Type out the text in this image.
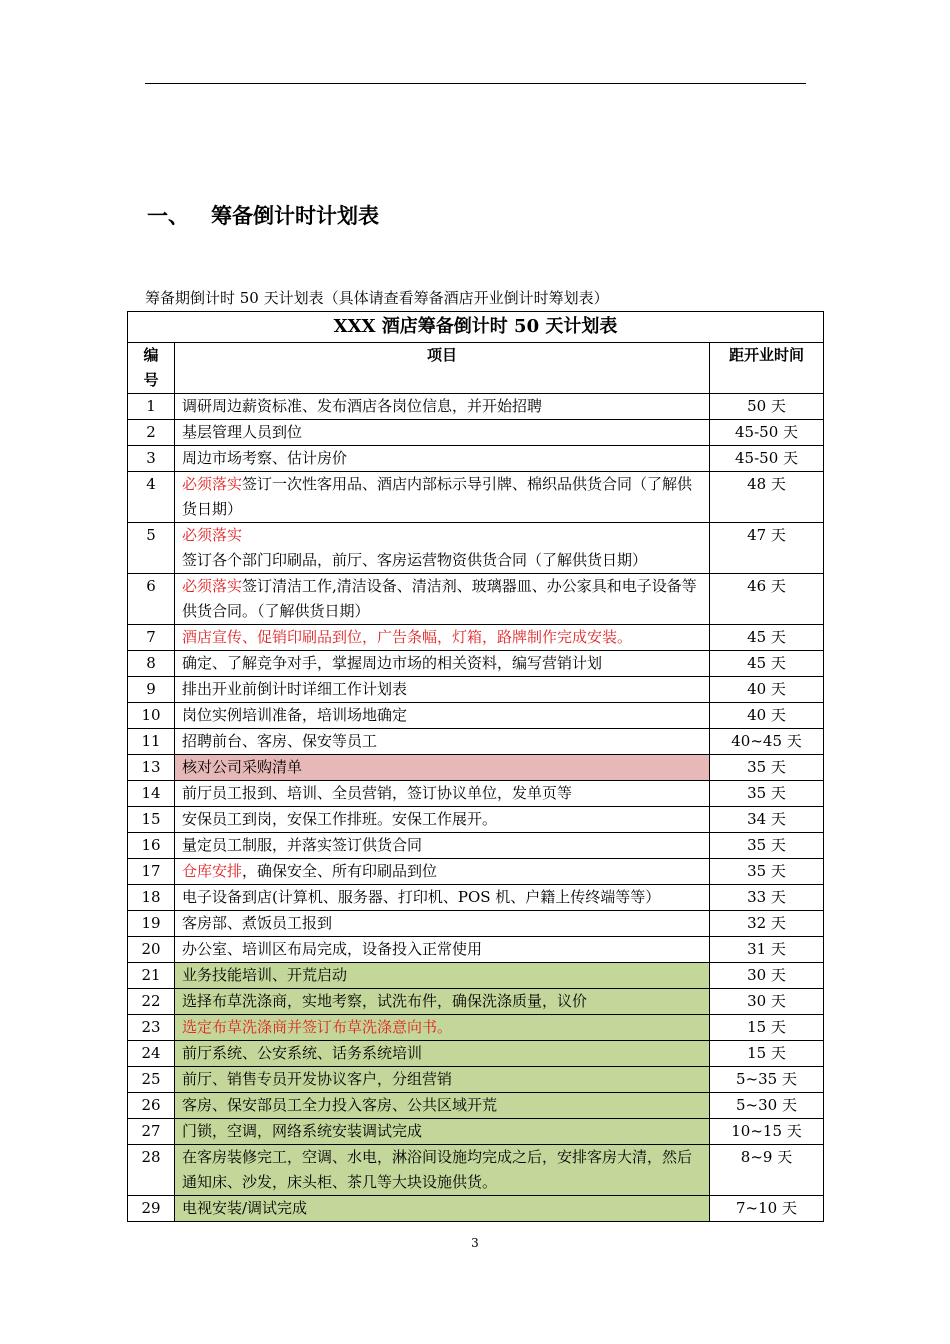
一、 筹备倒计时计划表
筹备期倒计时 50 天计划表（具体请查看筹备酒店开业倒计时筹划表）
XXX 酒店筹备倒计时 50 天计划表		
编号	项目	距开业时间
1	调研周边薪资标准、发布酒店各岗位信息，并开始招聘	50 天
2	基层管理人员到位	45-50 天
3	周边市场考察、估计房价	45-50 天
4	必须落实签订一次性客用品、酒店内部标示导引牌、棉织品供货合同（了解供货日期）	48 天
5	必须落实签订各个部门印刷品，前厅、客房运营物资供货合同（了解供货日期）	47 天
6	必须落实签订清洁工作,清洁设备、清洁剂、玻璃器皿、办公家具和电子设备等供货合同。（了解供货日期）	46 天
7	酒店宣传、促销印刷品到位，广告条幅，灯箱，路牌制作完成安装。	45 天
8	确定、了解竞争对手，掌握周边市场的相关资料，编写营销计划	45 天
9	排出开业前倒计时详细工作计划表	40 天
10	岗位实例培训准备，培训场地确定	40 天
11	招聘前台、客房、保安等员工	40~45 天
13	核对公司采购清单	35 天
14	前厅员工报到、培训、全员营销，签订协议单位，发单页等	35 天
15	安保员工到岗，安保工作排班。安保工作展开。	34 天
16	量定员工制服，并落实签订供货合同	35 天
17	仓库安排，确保安全、所有印刷品到位	35 天
18	电子设备到店(计算机、服务器、打印机、POS 机、户籍上传终端等等）	33 天
19	客房部、煮饭员工报到	32 天
20	办公室、培训区布局完成，设备投入正常使用	31 天
21	业务技能培训、开荒启动	30 天
22	选择布草洗涤商，实地考察，试洗布件，确保洗涤质量，议价	30 天
23	选定布草洗涤商并签订布草洗涤意向书。	15 天
24	前厅系统、公安系统、话务系统培训	15 天
25	前厅、销售专员开发协议客户，分组营销	5~35 天
26	客房、保安部员工全力投入客房、公共区域开荒	5~30 天
27	门锁，空调，网络系统安装调试完成	10~15 天
28	在客房装修完工，空调、水电，淋浴间设施均完成之后，安排客房大清，然后通知床、沙发，床头柜、茶几等大块设施供货。	8~9 天
29	电视安装/调试完成	7~10 天
3
